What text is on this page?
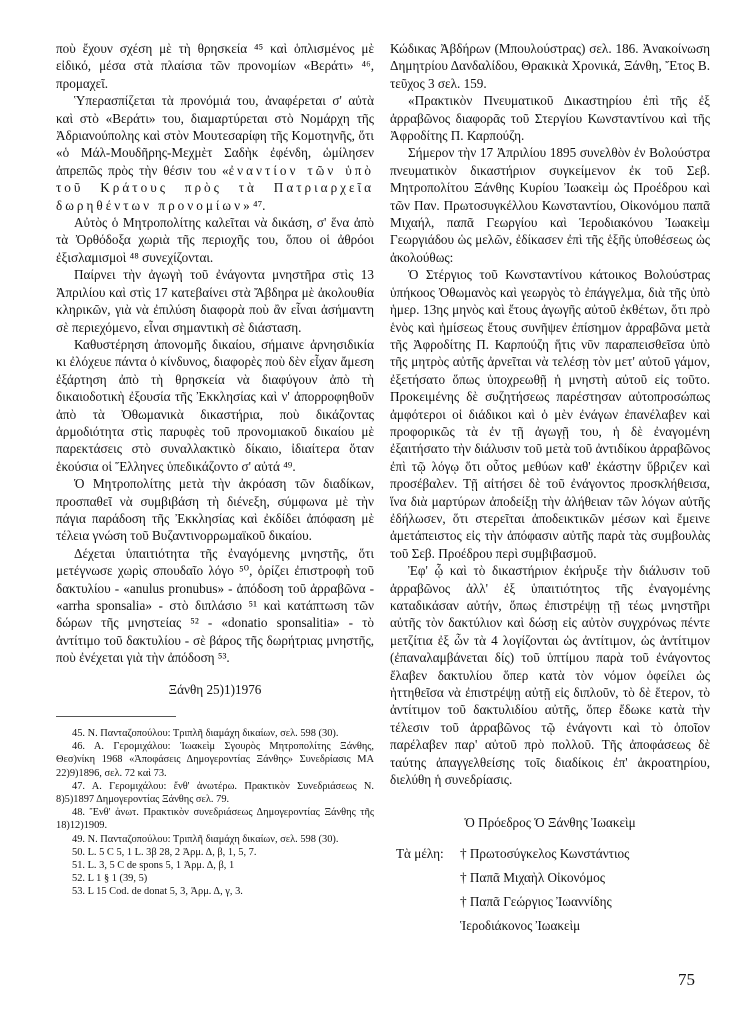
ποὺ ἔχουν σχέση μὲ τὴ θρησκεία ⁴⁵ καὶ ὁπλισμένος μὲ εἰδικό, μέσα στὰ πλαίσια τῶν προνομίων «Βεράτι» ⁴⁶, προμαχεῖ.

Ὑπερασπίζεται τὰ προνόμιά του, ἀναφέρεται σ' αὐτὰ καὶ στὸ «Βεράτι» του, διαμαρτύρεται στὸ Νομάρχη τῆς Ἀδριανούπολης καὶ στὸν Μουτεσαρίφη τῆς Κομοτηνῆς, ὅτι «ὁ Μάλ-Μουδῆρης-Μεχμὲτ Σαδὴκ ἐφένδη, ὡμίλησεν ἀπρεπῶς πρὸς τὴν θέσιν του «ἐναντίον τῶν ὑπὸ τοῦ Κράτους πρὸς τὰ Πατριαρχεῖα δωρηθέντων προνομίων» ⁴⁷.

Αὐτὸς ὁ Μητροπολίτης καλεῖται νὰ δικάση, σ' ἕνα ἀπὸ τὰ Ὀρθόδοξα χωριὰ τῆς περιοχῆς του, ὅπου οἱ ἀθρόοι ἐξισλαμισμοὶ ⁴⁸ συνεχίζονται.

Παίρνει τὴν ἀγωγὴ τοῦ ἐνάγοντα μνηστῆρα στὶς 13 Ἀπριλίου καὶ στὶς 17 κατεβαίνει στὰ Ἄβδηρα μὲ ἀκολουθία κληρικῶν, γιὰ νὰ ἐπιλύση διαφορὰ ποὺ ἂν εἶναι ἀσήμαντη σὲ περιεχόμενο, εἶναι σημαντικὴ σὲ διάσταση.

Καθυστέρηση ἀπονομῆς δικαίου, σήμαινε ἀρνησιδικία κι ἐλόχευε πάντα ὁ κίνδυνος, διαφορὲς ποὺ δὲν εἶχαν ἄμεση ἐξάρτηση ἀπὸ τὴ θρησκεία νὰ διαφύγουν ἀπὸ τὴ δικαιοδοτικὴ ἐξουσία τῆς Ἐκκλησίας καὶ ν' ἀπορροφηθοῦν ἀπὸ τὰ Ὀθωμανικὰ δικαστήρια, ποὺ δικάζοντας ἁρμοδιότητα στὶς παρυφὲς τοῦ προνομιακοῦ δικαίου μὲ παρεκτάσεις στὸ συναλλακτικὸ δίκαιο, ἰδιαίτερα ὅταν ἑκούσια οἱ Ἕλληνες ὑπεδικάζοντο σ' αὐτά ⁴⁹.

Ὁ Μητροπολίτης μετὰ τὴν ἀκρόαση τῶν διαδίκων, προσπαθεῖ νὰ συμβιβάση τὴ διένεξη, σύμφωνα μὲ τὴν πάγια παράδοση τῆς Ἐκκλησίας καὶ ἐκδίδει ἀπόφαση μὲ τέλεια γνώση τοῦ Βυζαντινορρωμαϊκοῦ δικαίου.

Δέχεται ὑπαιτιότητα τῆς ἐναγόμενης μνηστῆς, ὅτι μετέγνωσε χωρὶς σπουδαῖο λόγο ⁵⁰, ὁρίζει ἐπιστροφὴ τοῦ δακτυλίου - «anulus pronubus» - ἀπόδοση τοῦ ἀρραβῶνα - «arrha sponsalia» - στὸ διπλάσιο ⁵¹ καὶ κατάπτωση τῶν δώρων τῆς μνηστείας ⁵² - «donatio sponsalitia» - τὸ ἀντίτιμο τοῦ δακτυλίου - σὲ βάρος τῆς δωρήτριας μνηστῆς, ποὺ ἐνέχεται γιὰ τὴν ἀπόδοση ⁵³.

Ξάνθη 25)1)1976

45. Ν. Πανταζοπούλου: Τριπλῆ διαμάχη δικαίων, σελ. 598 (30).

46. Α. Γερομιχάλου: Ἰωακεὶμ Σγουρὸς Μητροπολίτης Ξάνθης, Θεσ)νίκη 1968 «Ἀποφάσεις Δημογεροντίας Ξάνθης» Συνεδρίασις ΜΑ 22)9)1896, σελ. 72 καὶ 73.

47. Α. Γερομιχάλου: ἔνθ' ἀνωτέρω. Πρακτικὸν Συνεδριάσεως Ν. 8)5)1897 Δημογεροντίας Ξάνθης σελ. 79.

48. Ἔνθ' ἀνωτ. Πρακτικὸν συνεδριάσεως Δημογεροντίας Ξάνθης τῆς 18)12)1909.

49. Ν. Πανταζοπούλου: Τριπλῆ διαμάχη δικαίων, σελ. 598 (30).

50. L. 5 C 5, 1 L. 3β 28, 2 Ἀρμ. Δ, β, 1, 5, 7.

51. L. 3, 5 C de spons 5, 1 Ἀρμ. Δ, β, 1

52. L 1 § 1 (39, 5)

53. L 15 Cod. de donat 5, 3, Ἀρμ. Δ, γ, 3.

Κώδικας Ἀβδήρων (Μπουλούστρας) σελ. 186. Ἀνακοίνωση Δημητρίου Δανδαλίδου, Θρακικὰ Χρονικά, Ξάνθη, Ἔτος Β. τεῦχος 3 σελ. 159.

«Πρακτικὸν Πνευματικοῦ Δικαστηρίου ἐπὶ τῆς ἐξ ἀρραβῶνος διαφορᾶς τοῦ Στεργίου Κωνσταντίνου καὶ τῆς Ἀφροδίτης Π. Καρπούζη.

Σήμερον τὴν 17 Ἀπριλίου 1895 συνελθὸν ἐν Βολούστρα πνευματικὸν δικαστήριον συγκείμενον ἐκ τοῦ Σεβ. Μητροπολίτου Ξάνθης Κυρίου Ἰωακεὶμ ὡς Προέδρου καὶ τῶν Παν. Πρωτοσυγκέλλου Κωνσταντίου, Οἰκονόμου παπᾶ Μιχαήλ, παπᾶ Γεωργίου καὶ Ἱεροδιακόνου Ἰωακεὶμ Γεωργιάδου ὡς μελῶν, ἐδίκασεν ἐπὶ τῆς ἑξῆς ὑποθέσεως ὡς ἀκολούθως:

Ὁ Στέργιος τοῦ Κωνσταντίνου κάτοικος Βολούστρας ὑπήκοος Ὀθωμανὸς καὶ γεωργὸς τὸ ἐπάγγελμα, διὰ τῆς ὑπὸ ἡμερ. 13ης μηνὸς καὶ ἔτους ἀγωγῆς αὐτοῦ ἐκθέτων, ὅτι πρὸ ἑνὸς καὶ ἡμίσεως ἔτους συνῆψεν ἐπίσημον ἀρραβῶνα μετὰ τῆς Ἀφροδίτης Π. Καρπούζη ἥτις νῦν παραπεισθεῖσα ὑπὸ τῆς μητρὸς αὐτῆς ἀρνεῖται νὰ τελέσῃ τὸν μετ' αὐτοῦ γάμον, ἐξετήσατο ὅπως ὑποχρεωθῇ ἡ μνηστὴ αὐτοῦ εἰς τοῦτο. Προκειμένης δὲ συζητήσεως παρέστησαν αὐτοπροσώπως ἀμφότεροι οἱ διάδικοι καὶ ὁ μὲν ἐνάγων ἐπανέλαβεν καὶ προφορικῶς τὰ ἐν τῇ ἀγωγῇ του, ἡ δὲ ἐναγομένη ἐξαιτήσατο τὴν διάλυσιν τοῦ μετὰ τοῦ ἀντιδίκου ἀρραβῶνος ἐπὶ τῷ λόγῳ ὅτι οὗτος μεθύων καθ' ἑκάστην ὕβριζεν καὶ προσέβαλεν. Τῇ αἰτήσει δὲ τοῦ ἐνάγοντος προσκλήθεισα, ἵνα διὰ μαρτύρων ἀποδείξῃ τὴν ἀλήθειαν τῶν λόγων αὐτῆς ἐδήλωσεν, ὅτι στερεῖται ἀποδεικτικῶν μέσων καὶ ἔμεινε ἀμετάπειστος εἰς τὴν ἀπόφασιν αὐτῆς παρὰ τὰς συμβουλὰς τοῦ Σεβ. Προέδρου περὶ συμβιβασμοῦ.

Ἐφ' ᾧ καὶ τὸ δικαστήριον ἐκήρυξε τὴν διάλυσιν τοῦ ἀρραβῶνος ἀλλ' ἐξ ὑπαιτιότητος τῆς ἐναγομένης καταδικάσαν αὐτήν, ὅπως ἐπιστρέψῃ τῇ τέως μνηστῆρι αὐτῆς τὸν δακτύλιον καὶ δώσῃ εἰς αὐτὸν συγχρόνως πέντε μετζίτια ἐξ ὧν τὰ 4 λογίζονται ὡς ἀντίτιμον, ὡς ἀντίτιμον (ἐπαναλαμβάνεται δίς) τοῦ ὑπτίμου παρὰ τοῦ ἐνάγοντος ἔλαβεν δακτυλίου ὅπερ κατὰ τὸν νόμον ὀφείλει ὡς ἡττηθεῖσα νὰ ἐπιστρέψῃ αὐτῇ εἰς διπλοῦν, τὸ δὲ ἕτερον, τὸ ἀντίτιμον τοῦ δακτυλιδίου αὐτῆς, ὅπερ ἔδωκε κατὰ τὴν τέλεσιν τοῦ ἀρραβῶνος τῷ ἐνάγοντι καὶ τὸ ὁποῖον παρέλαβεν παρ' αὐτοῦ πρὸ πολλοῦ. Τῆς ἀποφάσεως δὲ ταύτης ἀπαγγελθείσης τοῖς διαδίκοις ἐπ' ἀκροατηρίου, διελύθη ἡ συνεδρίασις.

Ὁ Πρόεδρος Ὁ Ξάνθης Ἰωακεὶμ

Τὰ μέλη:	† Πρωτοσύγκελος Κωνστάντιος
† Παπᾶ Μιχαὴλ Οἰκονόμος
† Παπᾶ Γεώργιος Ἰωαννίδης
Ἱεροδιάκονος Ἰωακεὶμ
75
